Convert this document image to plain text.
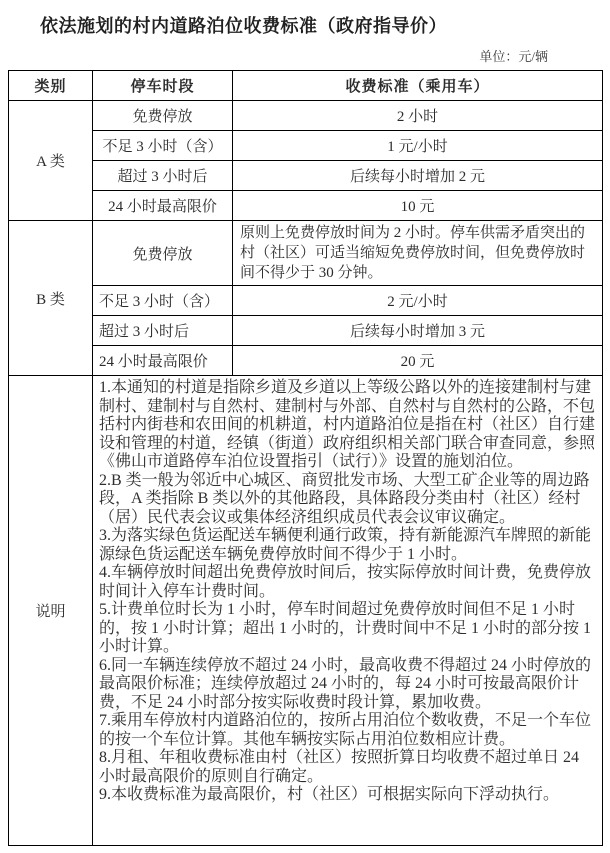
依法施划的村内道路泊位收费标准（政府指导价）
单位：元/辆
类别	停车时段	收费标准（乘用车）
A 类	免费停放	2 小时
	不足 3 小时（含）	1 元/小时
	超过 3 小时后	后续每小时增加 2 元
	24 小时最高限价	10 元
B 类	免费停放	原则上免费停放时间为 2 小时。停车供需矛盾突出的村（社区）可适当缩短免费停放时间，但免费停放时间不得少于 30 分钟。
	不足 3 小时（含）	2 元/小时
	超过 3 小时后	后续每小时增加 3 元
	24 小时最高限价	20 元
说明	
1.本通知的村道是指除乡道及乡道以上等级公路以外的连接建制村与建制村、建制村与自然村、建制村与外部、自然村与自然村的公路，不包括村内街巷和农田间的机耕道，村内道路泊位是指在村（社区）自行建设和管理的村道，经镇（街道）政府组织相关部门联合审查同意，参照《佛山市道路停车泊位设置指引（试行）》设置的施划泊位。
2.B 类一般为邻近中心城区、商贸批发市场、大型工矿企业等的周边路段，A 类指除 B 类以外的其他路段，具体路段分类由村（社区）经村（居）民代表会议或集体经济组织成员代表会议审议确定。
3.为落实绿色货运配送车辆便利通行政策，持有新能源汽车牌照的新能源绿色货运配送车辆免费停放时间不得少于 1 小时。
4.车辆停放时间超出免费停放时间后，按实际停放时间计费，免费停放时间计入停车计费时间。
5.计费单位时长为 1 小时，停车时间超过免费停放时间但不足 1 小时的，按 1 小时计算；超出 1 小时的，计费时间中不足 1 小时的部分按 1 小时计算。
6.同一车辆连续停放不超过 24 小时，最高收费不得超过 24 小时停放的最高限价标准；连续停放超过 24 小时的，每 24 小时可按最高限价计费，不足 24 小时部分按实际收费时段计算，累加收费。
7.乘用车停放村内道路泊位的，按所占用泊位个数收费，不足一个车位的按一个车位计算。其他车辆按实际占用泊位数相应计费。
8.月租、年租收费标准由村（社区）按照折算日均收费不超过单日 24 小时最高限价的原则自行确定。
9.本收费标准为最高限价，村（社区）可根据实际向下浮动执行。
